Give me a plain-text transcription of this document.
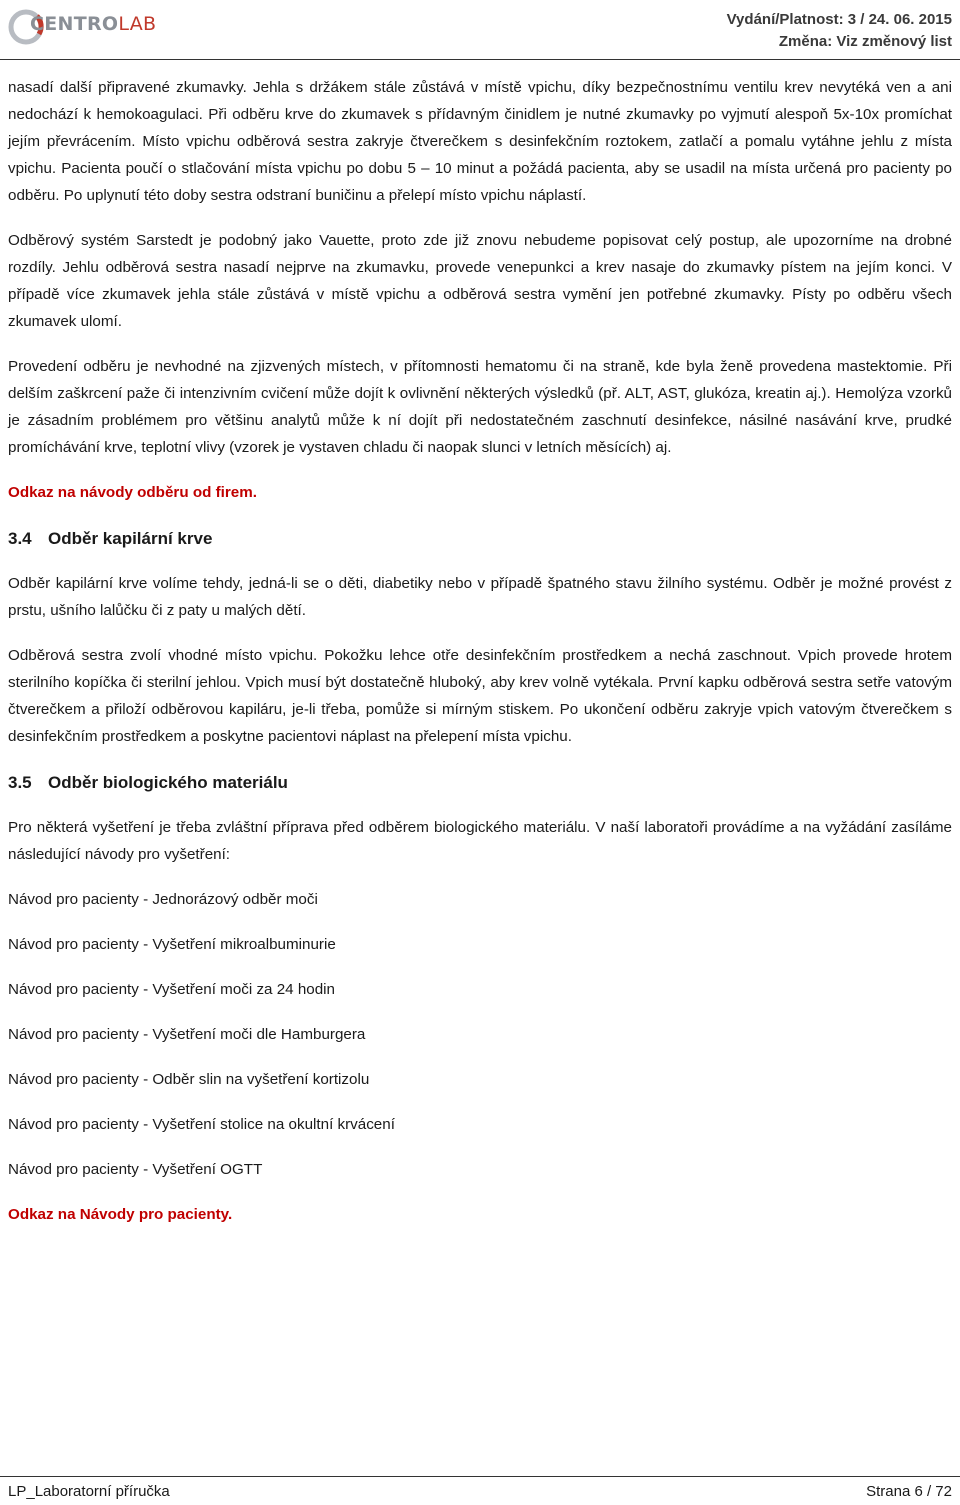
CENTROLAB	Vydání/Platnost: 3 / 24. 06. 2015
Změna: Viz změnový list

nasadí další připravené zkumavky. Jehla s držákem stále zůstává v místě vpichu, díky bezpečnostnímu ventilu krev nevytéká ven a ani nedochází k hemokoagulaci. Při odběru krve do zkumavek s přídavným činidlem je nutné zkumavky po vyjmutí alespoň 5x-10x promíchat jejím převrácením. Místo vpichu odběrová sestra zakryje čtverečkem s desinfekčním roztokem, zatlačí a pomalu vytáhne jehlu z místa vpichu. Pacienta poučí o stlačování místa vpichu po dobu 5 – 10 minut a požádá pacienta, aby se usadil na místa určená pro pacienty po odběru. Po uplynutí této doby sestra odstraní buničinu a přelepí místo vpichu náplastí.

Odběrový systém Sarstedt je podobný jako Vauette, proto zde již znovu nebudeme popisovat celý postup, ale upozorníme na drobné rozdíly. Jehlu odběrová sestra nasadí nejprve na zkumavku, provede venepunkci a krev nasaje do zkumavky pístem na jejím konci. V případě více zkumavek jehla stále zůstává v místě vpichu a odběrová sestra vymění jen potřebné zkumavky. Písty po odběru všech zkumavek ulomí.

Provedení odběru je nevhodné na zjizvených místech, v přítomnosti hematomu či na straně, kde byla ženě provedena mastektomie. Při delším zaškrcení paže či intenzivním cvičení může dojít k ovlivnění některých výsledků (př. ALT, AST, glukóza, kreatin aj.). Hemolýza vzorků je zásadním problémem pro většinu analytů může k ní dojít při nedostatečném zaschnutí desinfekce, násilné nasávání krve, prudké promíchávání krve, teplotní vlivy (vzorek je vystaven chladu či naopak slunci v letních měsících) aj.

Odkaz na návody odběru od firem.

3.4 Odběr kapilární krve

Odběr kapilární krve volíme tehdy, jedná-li se o děti, diabetiky nebo v případě špatného stavu žilního systému. Odběr je možné provést z prstu, ušního lalůčku či z paty u malých dětí.

Odběrová sestra zvolí vhodné místo vpichu. Pokožku lehce otře desinfekčním prostředkem a nechá zaschnout. Vpich provede hrotem sterilního kopíčka či sterilní jehlou. Vpich musí být dostatečně hluboký, aby krev volně vytékala. První kapku odběrová sestra setře vatovým čtverečkem a přiloží odběrovou kapiláru, je-li třeba, pomůže si mírným stiskem. Po ukončení odběru zakryje vpich vatovým čtverečkem s desinfekčním prostředkem a poskytne pacientovi náplast na přelepení místa vpichu.

3.5 Odběr biologického materiálu

Pro některá vyšetření je třeba zvláštní příprava před odběrem biologického materiálu. V naší laboratoři provádíme a na vyžádání zasíláme následující návody pro vyšetření:

Návod pro pacienty - Jednorázový odběr moči

Návod pro pacienty - Vyšetření mikroalbuminurie

Návod pro pacienty - Vyšetření moči za 24 hodin

Návod pro pacienty - Vyšetření moči dle Hamburgera

Návod pro pacienty - Odběr slin na vyšetření kortizolu

Návod pro pacienty - Vyšetření stolice na okultní krvácení

Návod pro pacienty - Vyšetření OGTT

Odkaz na Návody pro pacienty.

LP_Laboratorní příručka	Strana 6 / 72
